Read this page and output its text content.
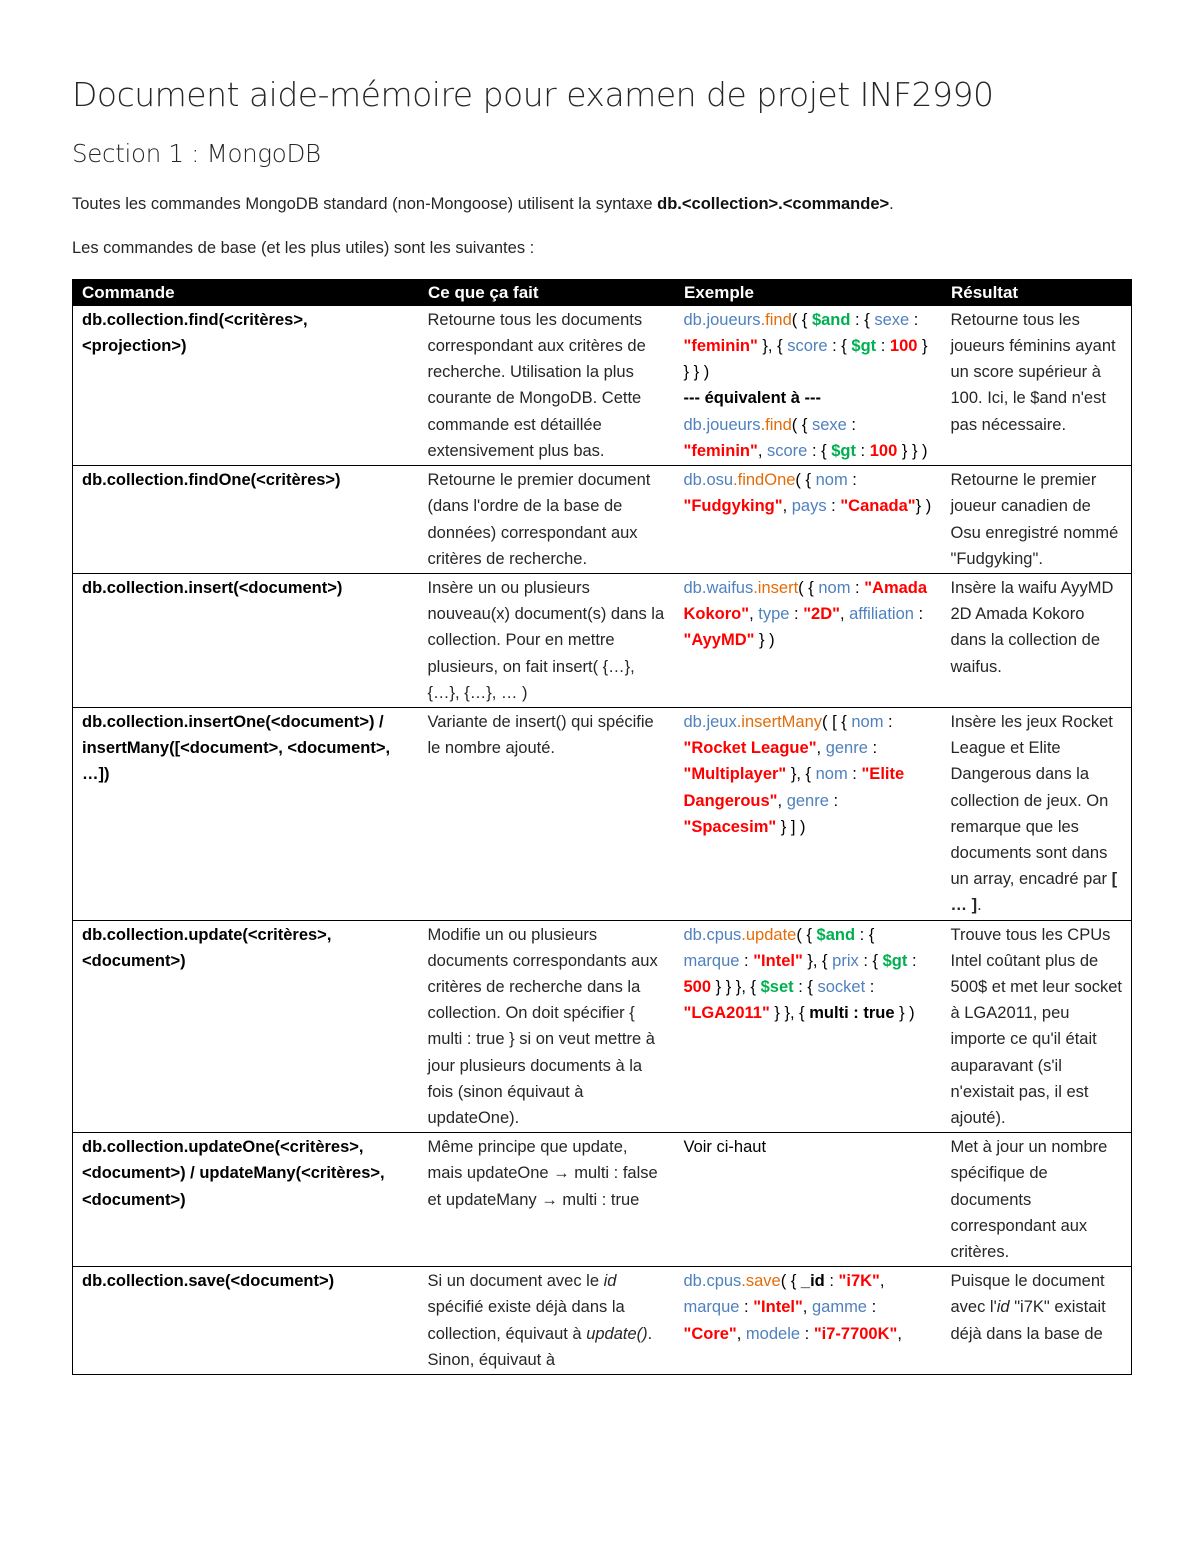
Document aide-mémoire pour examen de projet INF2990
Section 1 : MongoDB

Toutes les commandes MongoDB standard (non-Mongoose) utilisent la syntaxe db.<collection>.<commande>.

Les commandes de base (et les plus utiles) sont les suivantes :

Commande	Ce que ça fait	Exemple	Résultat
db.collection.find(<critères>, <projection>)	Retourne tous les documents correspondant aux critères de recherche. Utilisation la plus courante de MongoDB. Cette commande est détaillée extensivement plus bas.	db.joueurs.find( { $and : { sexe : "feminin" }, { score : { $gt : 100 } } } )
--- équivalent à ---
db.joueurs.find( { sexe : "feminin", score : { $gt : 100 } } )	Retourne tous les joueurs féminins ayant un score supérieur à 100. Ici, le $and n'est pas nécessaire.
db.collection.findOne(<critères>)	Retourne le premier document (dans l'ordre de la base de données) correspondant aux critères de recherche.	db.osu.findOne( { nom : "Fudgyking", pays : "Canada"} )	Retourne le premier joueur canadien de Osu enregistré nommé "Fudgyking".
db.collection.insert(<document>)	Insère un ou plusieurs nouveau(x) document(s) dans la collection. Pour en mettre plusieurs, on fait insert( {…}, {…}, {…}, … )	db.waifus.insert( { nom : "Amada Kokoro", type : "2D", affiliation : "AyyMD" } )	Insère la waifu AyyMD 2D Amada Kokoro dans la collection de waifus.
db.collection.insertOne(<document>) / insertMany([<document>, <document>, …])	Variante de insert() qui spécifie le nombre ajouté.	db.jeux.insertMany( [ { nom : "Rocket League", genre : "Multiplayer" }, { nom : "Elite Dangerous", genre : "Spacesim" } ] )	Insère les jeux Rocket League et Elite Dangerous dans la collection de jeux. On remarque que les documents sont dans un array, encadré par [ … ].
db.collection.update(<critères>, <document>)	Modifie un ou plusieurs documents correspondants aux critères de recherche dans la collection. On doit spécifier { multi : true } si on veut mettre à jour plusieurs documents à la fois (sinon équivaut à updateOne).	db.cpus.update( { $and : { marque : "Intel" }, { prix : { $gt : 500 } } }, { $set : { socket : "LGA2011" } }, { multi : true } )	Trouve tous les CPUs Intel coûtant plus de 500$ et met leur socket à LGA2011, peu importe ce qu'il était auparavant (s'il n'existait pas, il est ajouté).
db.collection.updateOne(<critères>, <document>) / updateMany(<critères>, <document>)	Même principe que update, mais updateOne → multi : false et updateMany → multi : true	Voir ci-haut	Met à jour un nombre spécifique de documents correspondant aux critères.
db.collection.save(<document>)	Si un document avec le id spécifié existe déjà dans la collection, équivaut à update(). Sinon, équivaut à	db.cpus.save( { _id : "i7K", marque : "Intel", gamme : "Core", modele : "i7-7700K",	Puisque le document avec l'id "i7K" existait déjà dans la base de
